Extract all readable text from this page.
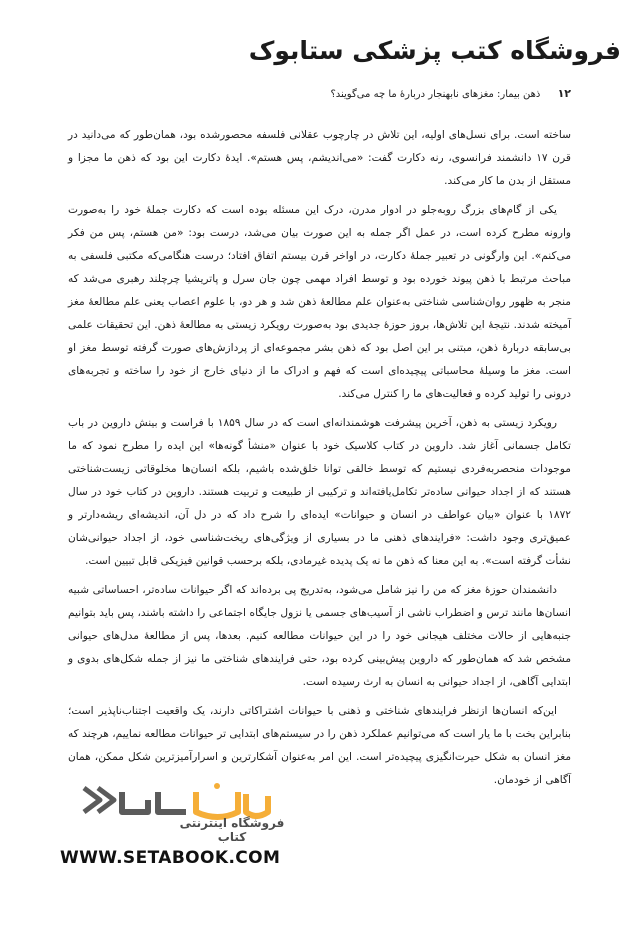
فروشگاه کتب پزشکی ستابوک
۱۲ ذهن بیمار: مغزهای نابهنجار دربارهٔ ما چه می‌گویند؟

ساخته است. برای نسل‌های اولیه، این تلاش در چارچوب عقلانی فلسفه محصورشده بود، همان‌طور که می‌دانید در قرن ۱۷ دانشمند فرانسوی، رنه دکارت گفت: «می‌اندیشم، پس هستم». ایدهٔ دکارت این بود که ذهن ما مجزا و مستقل از بدن ما کار می‌کند.

یکی از گام‌های بزرگ روبه‌جلو در ادوار مدرن، درک این مسئله بوده است که دکارت جملهٔ خود را به‌صورت وارونه مطرح کرده است، در عمل اگر جمله به این صورت بیان می‌شد، درست بود: «من هستم، پس من فکر می‌کنم». این وارگونی در تعبیر جملهٔ دکارت، در اواخر قرن بیستم اتفاق افتاد؛ درست هنگامی‌که مکتبی فلسفی به مباحث مرتبط با ذهن پیوند خورده بود و توسط افراد مهمی چون جان سرل و پاتریشیا چرچلند رهبری می‌شد که منجر به ظهور روان‌شناسی شناختی به‌عنوان علم مطالعهٔ ذهن شد و هر دو، با علوم اعصاب یعنی علم مطالعهٔ مغز آمیخته شدند. نتیجهٔ این تلاش‌ها، بروز حوزهٔ جدیدی بود به‌صورت رویکرد زیستی به مطالعهٔ ذهن. این تحقیقات علمی بی‌سابقه دربارهٔ ذهن، مبتنی بر این اصل بود که ذهن بشر مجموعه‌ای از پردازش‌های صورت گرفته توسط مغز او است. مغز ما وسیلهٔ محاسباتی پیچیده‌ای است که فهم و ادراک ما از دنیای خارج از خود را ساخته و تجربه‌های درونی را تولید کرده و فعالیت‌های ما را کنترل می‌کند.

رویکرد زیستی به ذهن، آخرین پیشرفت هوشمندانه‌ای است که در سال ۱۸۵۹ با فراست و بینش داروین در باب تکامل جسمانی آغاز شد. داروین در کتاب کلاسیک خود با عنوان «منشأ گونه‌ها» این ایده را مطرح نمود که ما موجودات منحصربه‌فردی نیستیم که توسط خالقی توانا خلق‌شده باشیم، بلکه انسان‌ها مخلوقاتی زیست‌شناختی هستند که از اجداد حیوانی ساده‌تر تکامل‌یافته‌اند و ترکیبی از طبیعت و تربیت هستند. داروین در کتاب خود در سال ۱۸۷۲ با عنوان «بیان عواطف در انسان و حیوانات» ایده‌ای را شرح داد که در دل آن، اندیشه‌ای ریشه‌دارتر و عمیق‌تری وجود داشت: «فرایندهای ذهنی ما در بسیاری از ویژگی‌های ریخت‌شناسی خود، از اجداد حیوانی‌شان نشأت گرفته است». به این معنا که ذهن ما نه یک پدیده غیرمادی، بلکه برحسب قوانین فیزیکی قابل تبیین است.

دانشمندان حوزهٔ مغز که من را نیز شامل می‌شود، به‌تدریج پی برده‌اند که اگر حیوانات ساده‌تر، احساساتی شبیه انسان‌ها مانند ترس و اضطراب ناشی از آسیب‌های جسمی یا نزول جایگاه اجتماعی را داشته باشند، پس باید بتوانیم جنبه‌هایی از حالات مختلف هیجانی خود را در این حیوانات مطالعه کنیم. بعدها، پس از مطالعهٔ مدل‌های حیوانی مشخص شد که همان‌طور که داروین پیش‌بینی کرده بود، حتی فرایندهای شناختی ما نیز از جمله شکل‌های بدوی و ابتدایی آگاهی، از اجداد حیوانی به انسان به ارث رسیده است.

این‌که انسان‌ها ازنظر فرایندهای شناختی و ذهنی با حیوانات اشتراکاتی دارند، یک واقعیت اجتناب‌ناپذیر است؛ بنابراین بخت با ما یار است که می‌توانیم عملکرد ذهن را در سیستم‌های ابتدایی تر حیوانات مطالعه نماییم، هرچند که مغز انسان به شکل حیرت‌انگیزی پیچیده‌تر است. این امر به‌عنوان آشکارترین و اسرارآمیزترین شکل ممکن، همان آگاهی از خودمان.

فروشگاه اینترنتی کتاب
WWW.SETABOOK.COM
